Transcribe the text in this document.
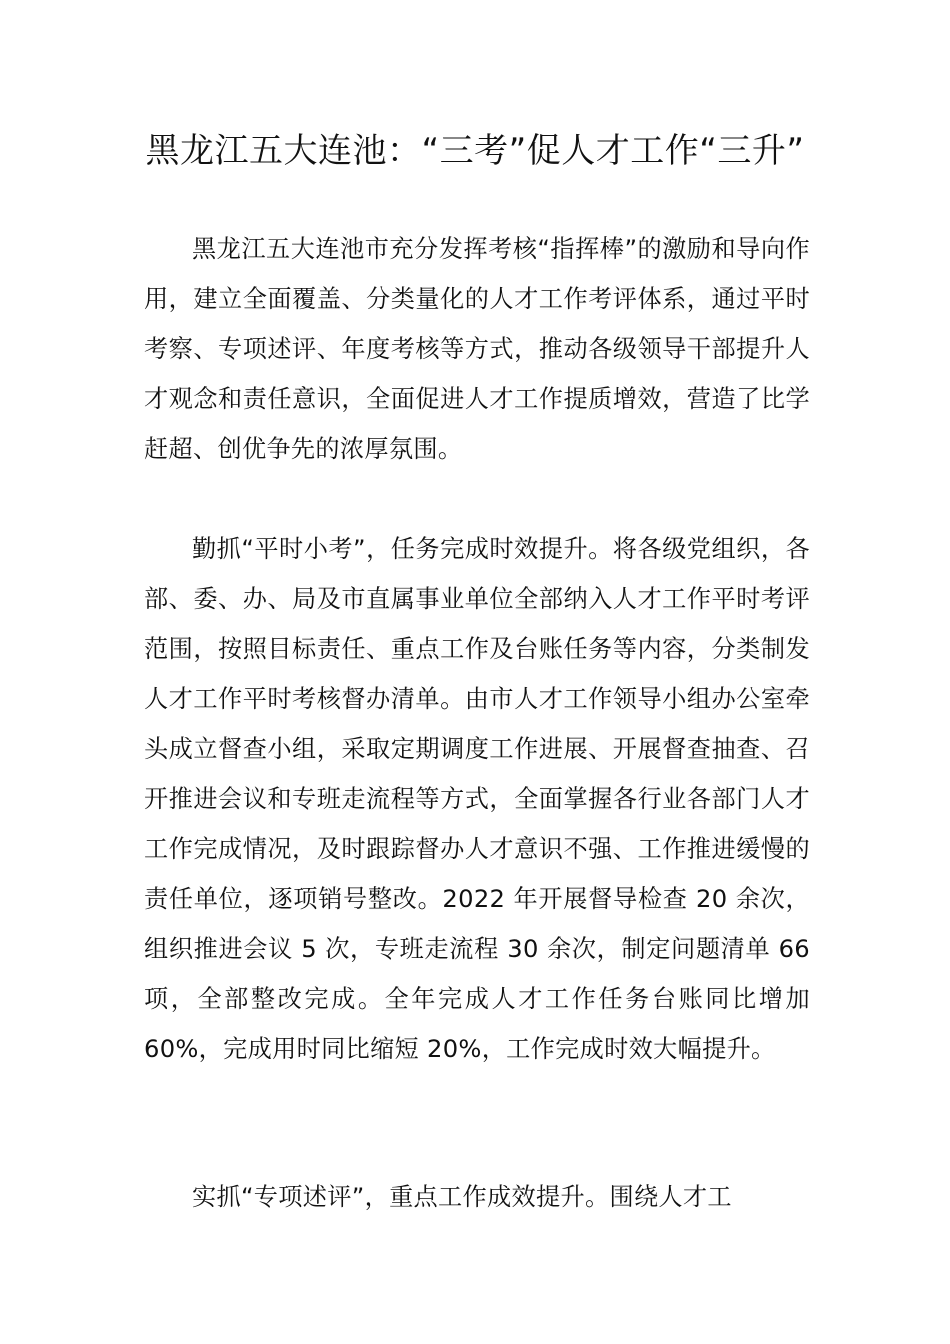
黑龙江五大连池：“三考”促人才工作“三升”

黑龙江五大连池市充分发挥考核“指挥棒”的激励和导向作用，建立全面覆盖、分类量化的人才工作考评体系，通过平时考察、专项述评、年度考核等方式，推动各级领导干部提升人才观念和责任意识，全面促进人才工作提质增效，营造了比学赶超、创优争先的浓厚氛围。

勤抓“平时小考”，任务完成时效提升。将各级党组织，各部、委、办、局及市直属事业单位全部纳入人才工作平时考评范围，按照目标责任、重点工作及台账任务等内容，分类制发人才工作平时考核督办清单。由市人才工作领导小组办公室牵头成立督查小组，采取定期调度工作进展、开展督查抽查、召开推进会议和专班走流程等方式，全面掌握各行业各部门人才工作完成情况，及时跟踪督办人才意识不强、工作推进缓慢的责任单位，逐项销号整改。2022 年开展督导检查 20 余次，组织推进会议 5 次，专班走流程 30 余次，制定问题清单 66 项，全部整改完成。全年完成人才工作任务台账同比增加 60%，完成用时同比缩短 20%，工作完成时效大幅提升。

实抓“专项述评”，重点工作成效提升。围绕人才工
